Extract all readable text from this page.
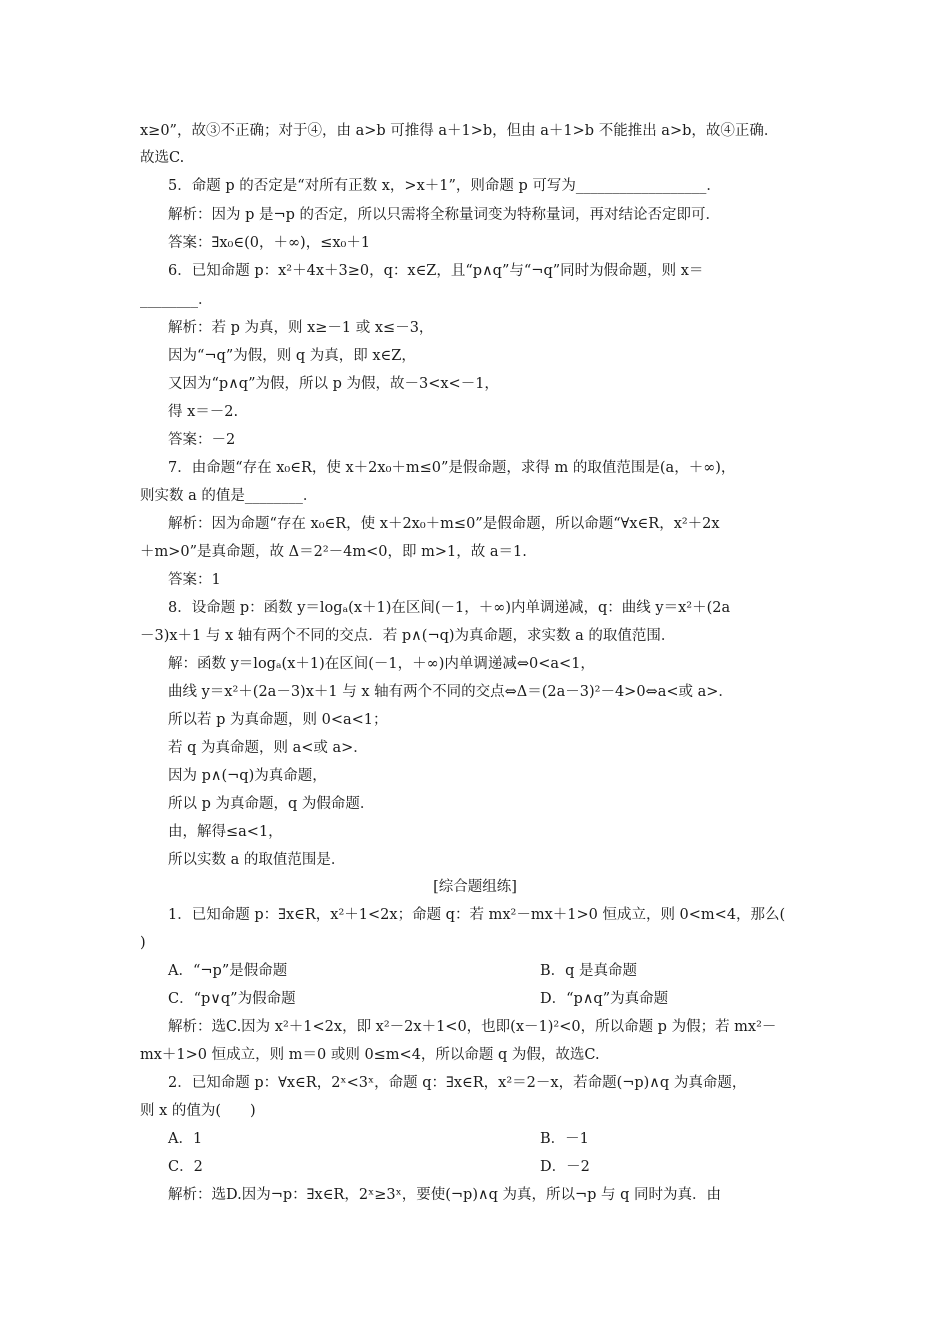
x≥0”，故③不正确；对于④，由 a>b 可推得 a＋1>b，但由 a＋1>b 不能推出 a>b，故④正确．
故选C.
5．命题 p 的否定是“对所有正数 x，>x＋1”，则命题 p 可写为__________________．
解析：因为 p 是¬p 的否定，所以只需将全称量词变为特称量词，再对结论否定即可．
答案：∃x₀∈(0，＋∞)，≤x₀＋1
6．已知命题 p：x²＋4x＋3≥0，q：x∈Z，且“p∧q”与“¬q”同时为假命题，则 x＝
________．
解析：若 p 为真，则 x≥－1 或 x≤－3，
因为“¬q”为假，则 q 为真，即 x∈Z，
又因为“p∧q”为假，所以 p 为假，故－3<x<－1，
得 x＝－2.
答案：－2
7．由命题“存在 x₀∈R，使 x＋2x₀＋m≤0”是假命题，求得 m 的取值范围是(a，＋∞)，
则实数 a 的值是________．
解析：因为命题“存在 x₀∈R，使 x＋2x₀＋m≤0”是假命题，所以命题“∀x∈R，x²＋2x
＋m>0”是真命题，故 Δ＝2²－4m<0，即 m>1，故 a＝1.
答案：1
8．设命题 p：函数 y＝logₐ(x＋1)在区间(－1，＋∞)内单调递减，q：曲线 y＝x²＋(2a
－3)x＋1 与 x 轴有两个不同的交点．若 p∧(¬q)为真命题，求实数 a 的取值范围．
解：函数 y＝logₐ(x＋1)在区间(－1，＋∞)内单调递减⇔0<a<1，
曲线 y＝x²＋(2a－3)x＋1 与 x 轴有两个不同的交点⇔Δ＝(2a－3)²－4>0⇔a<或 a>．
所以若 p 为真命题，则 0<a<1；
若 q 为真命题，则 a<或 a>．
因为 p∧(¬q)为真命题，
所以 p 为真命题，q 为假命题．
由，解得≤a<1，
所以实数 a 的取值范围是．
[综合题组练]
1．已知命题 p：∃x∈R，x²＋1<2x；命题 q：若 mx²－mx＋1>0 恒成立，则 0<m<4，那么(
)
A．“¬p”是假命题	B．q 是真命题
C．“p∨q”为假命题	D．“p∧q”为真命题
解析：选C.因为 x²＋1<2x，即 x²－2x＋1<0，也即(x－1)²<0，所以命题 p 为假；若 mx²－
mx＋1>0 恒成立，则 m＝0 或则 0≤m<4，所以命题 q 为假，故选C.
2．已知命题 p：∀x∈R，2ˣ<3ˣ，命题 q：∃x∈R，x²＝2－x，若命题(¬p)∧q 为真命题，
则 x 的值为(　　)
A．1	B．－1
C．2	D．－2
解析：选D.因为¬p：∃x∈R，2ˣ≥3ˣ，要使(¬p)∧q 为真，所以¬p 与 q 同时为真．由
